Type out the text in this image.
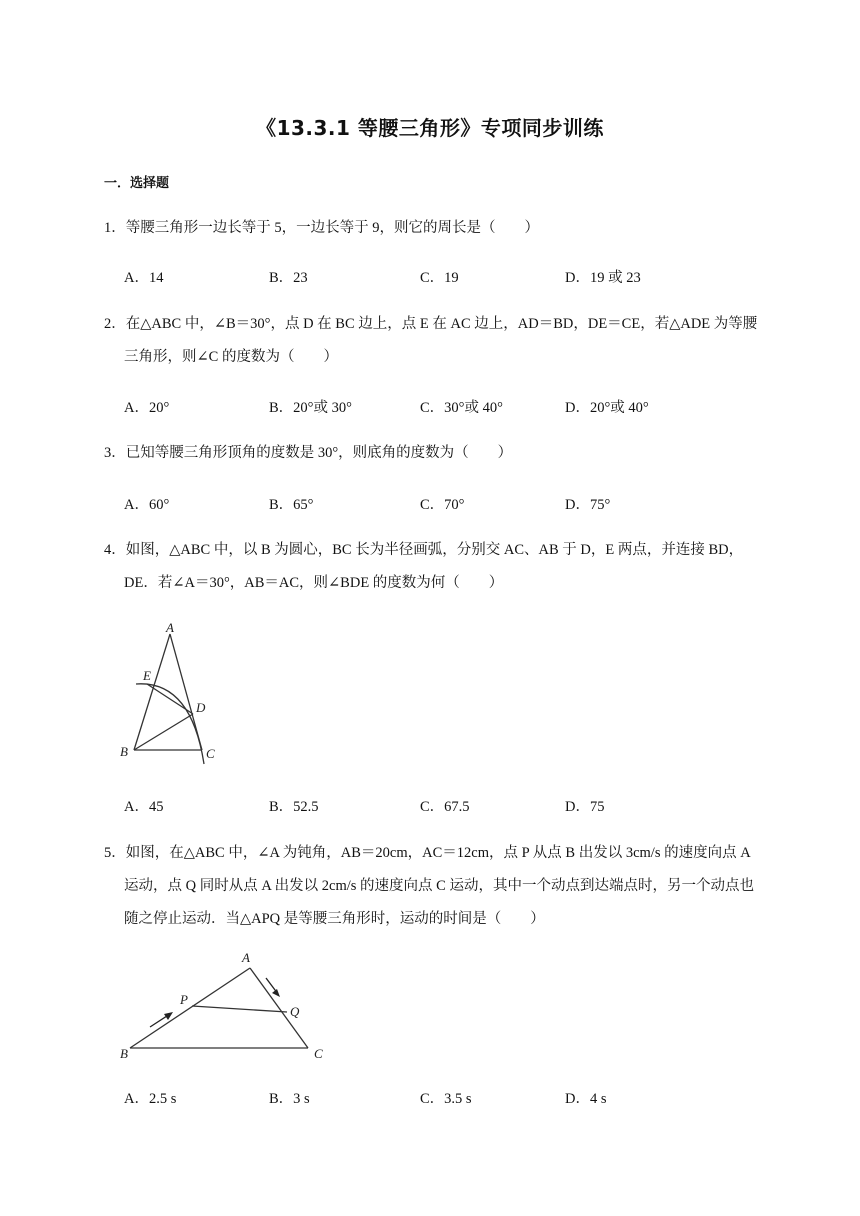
《13.3.1 等腰三角形》专项同步训练
一．选择题
1．等腰三角形一边长等于 5，一边长等于 9，则它的周长是（　　）
A．14	B．23	C．19	D．19 或 23
2．在△ABC 中，∠B＝30°，点 D 在 BC 边上，点 E 在 AC 边上，AD＝BD，DE＝CE，若△ADE 为等腰三角形，则∠C 的度数为（　　）
A．20°	B．20°或 30°	C．30°或 40°	D．20°或 40°
3．已知等腰三角形顶角的度数是 30°，则底角的度数为（　　）
A．60°	B．65°	C．70°	D．75°
4．如图，△ABC 中，以 B 为圆心，BC 长为半径画弧，分别交 AC、AB 于 D，E 两点，并连接 BD，DE．若∠A＝30°，AB＝AC，则∠BDE 的度数为何（　　）
A
E
D
B	C
A．45	B．52.5	C．67.5	D．75
5．如图，在△ABC 中，∠A 为钝角，AB＝20cm，AC＝12cm，点 P 从点 B 出发以 3cm/s 的速度向点 A 运动，点 Q 同时从点 A 出发以 2cm/s 的速度向点 C 运动，其中一个动点到达端点时，另一个动点也随之停止运动．当△APQ 是等腰三角形时，运动的时间是（　　）
A
P
Q
B	C
A．2.5 s	B．3 s	C．3.5 s	D．4 s
